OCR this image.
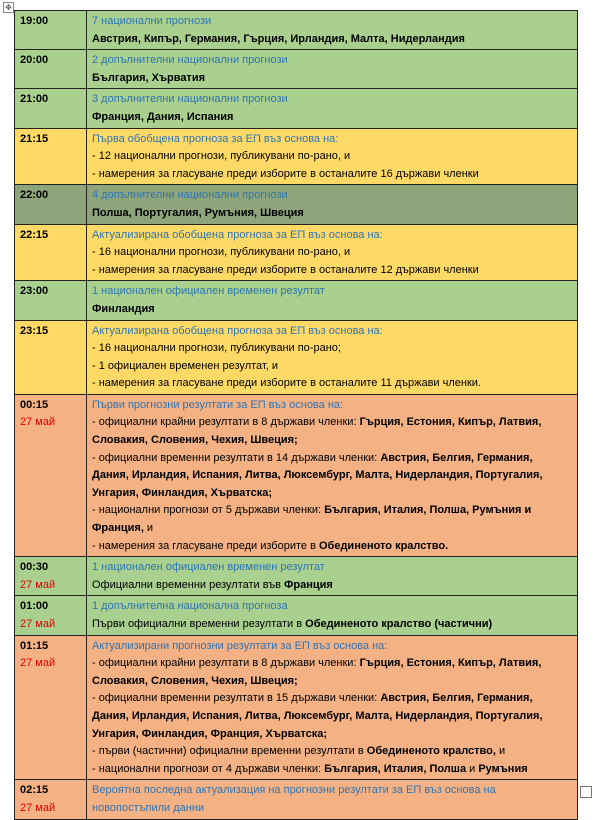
✥
19:00	7 национални прогнози
Австрия, Кипър, Германия, Гърция, Ирландия, Малта, Нидерландия

20:00	2 допълнителни национални прогнози
България, Хърватия

21:00	3 допълнителни национални прогнози
Франция, Дания, Испания

21:15	Първа обобщена прогноза за ЕП въз основа на:
- 12 национални прогнози, публикувани по-рано, и
- намерения за гласуване преди изборите в останалите 16 държави членки

22:00	4 допълнителни национални прогнози
Полша, Португалия, Румъния, Швеция

22:15	Актуализирана обобщена прогноза за ЕП въз основа на:
- 16 национални прогнози, публикувани по-рано, и
- намерения за гласуване преди изборите в останалите 12 държави членки

23:00	1 национален официален временен резултат
Финландия

23:15	Актуализирана обобщена прогноза за ЕП въз основа на:
- 16 национални прогнози, публикувани по-рано;
- 1 официален временен резултат, и
- намерения за гласуване преди изборите в останалите 11 държави членки.

00:15
27 май	Първи прогнозни резултати за ЕП въз основа на:
- официални крайни резултати в 8 държави членки: Гърция, Естония, Кипър, Латвия, Словакия, Словения, Чехия, Швеция;
- официални временни резултати в 14 държави членки: Австрия, Белгия, Германия, Дания, Ирландия, Испания, Литва, Люксембург, Малта, Нидерландия, Португалия, Унгария, Финландия, Хърватска;
- национални прогнози от 5 държави членки: България, Италия, Полша, Румъния и Франция, и
- намерения за гласуване преди изборите в Обединеното кралство.

00:30
27 май	1 национален официален временен резултат
Официални временни резултати във Франция

01:00
27 май	1 допълнителна национална прогноза
Първи официални временни резултати в Обединеното кралство (частични)

01:15
27 май	Актуализирани прогнозни резултати за ЕП въз основа на:
- официални крайни резултати в 8 държави членки: Гърция, Естония, Кипър, Латвия, Словакия, Словения, Чехия, Швеция;
- официални временни резултати в 15 държави членки: Австрия, Белгия, Германия, Дания, Ирландия, Испания, Литва, Люксембург, Малта, Нидерландия, Португалия, Унгария, Финландия, Франция, Хърватска;
- първи (частични) официални временни резултати в Обединеното кралство, и
- национални прогнози от 4 държави членки: България, Италия, Полша и Румъния

02:15
27 май	Вероятна последна актуализация на прогнозни резултати за ЕП въз основа на новопостъпили данни
